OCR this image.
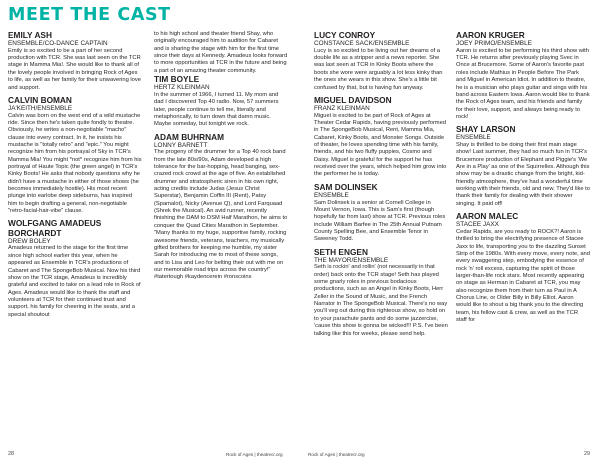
MEET THE CAST

EMILY ASH

ENSEMBLE/CO-DANCE CAPTAIN

Emily is so excited to be a part of her second production with TCR. She was last seen on the TCR stage in Mamma Mia!. She would like to thank all of the lovely people involved in bringing Rock of Ages to life, as well as her family for their unwavering love and support.

CALVIN BOMAN

JA'KEITH/ENSEMBLE

Calvin was born on the west end of a wild mustache ride. Since then he's taken quite fondly to theatre. Obviously, he writes a non-negotiable "macho" clause into every contract. In it, he insists his mustache is "totally retro" and "epic." You might recognize him from his portrayal of Sky in TCR's Mamma Mia! You might *not* recognize him from his portrayal of Haute Topic (the green angel) in TCR's Kinky Boots! He asks that nobody questions why he didn't have a mustache in either of those shows (he becomes immediately hostile). His most recent plunge into earlobe deep sideburns, has inspired him to begin drafting a general, non-negotiable "retro-facial-hair-vibe" clause.

WOLFGANG AMADEUS BORCHARDT

DREW BOLEY

Amadeus returned to the stage for the first time since high school earlier this year, when he appeared as Ensemble in TCR's productions of Cabaret and The SpongeBob Musical. Now his third show on the TCR stage, Amadeus is incredibly grateful and excited to take on a lead role in Rock of Ages. Amadeus would like to thank the staff and volunteers at TCR for their continued trust and support, his family for cheering in the seats, and a special shoutout

to his high school and theater friend Shay, who originally encouraged him to audition for Cabaret and is sharing the stage with him for the first time since their days at Kennedy. Amadeus looks forward to more opportunities at TCR in the future and being a part of an amazing theater community.

TIM BOYLE

HERTZ KLEINMAN

In the summer of 1966, I turned 11. My mom and dad I discovered Top 40 radio. Now, 57 summers later, people continue to tell me, literally and metaphorically, to turn down that damn music. Maybe someday, but tonight we rock.

ADAM BUHRNAM

LONNY BARNETT

The progeny of the drummer for a Top 40 rock band from the late 80s/90s, Adam developed a high tolerance for the bar-hopping, head banging, sex-crazed rock crowd at the age of five. An established drummer and stratospheric siren in his own right, acting credits include Judas (Jesus Christ Superstar), Benjamin Coffin III (Rent), Patsy (Spamalot), Nicky (Avenue Q), and Lord Farquaad (Shrek the Musical). An avid runner, recently finishing the DAM to DSM Half Marathon, he aims to conquer the Quad Cities Marathon in September. "Many thanks to my huge, supportive family, rocking awesome friends, veterans, teachers, my musically gifted brothers for keeping me humble, my sister Sarah for introducing me to most of these songs, and to Lisa and Leo for belting their out with me on our memorable road trips across the country!" #tatertough #kaydencerein #ronscoins

28	Rock of Ages | theatrecr.org

LUCY CONROY

CONSTANCE SACK/ENSEMBLE

Lucy is so excited to be living out her dreams of a double life as a stripper and a news reporter. She was last seen at TCR in Kinky Boots where the boots she wore were arguably a lot less kinky than the ones she wears in this show. She's a little bit confused by that, but is having fun anyway.

MIGUEL DAVIDSON

FRANZ KLEINMAN

Miguel is excited to be part of Rock of Ages at Theater Cedar Rapids, having previously performed in The SpongeBob Musical, Rent, Mamma Mia, Cabaret, Kinky Boots, and Monster Songs. Outside of theater, he loves spending time with his family, friends, and his two fluffy puppies, Cosmo and Daisy. Miguel is grateful for the support he has received over the years, which helped him grow into the performer he is today.

SAM DOLINSEK

ENSEMBLE

Sam Dolinsek is a senior at Cornell College in Mount Vernon, Iowa. This is Sam's first (though hopefully far from last) show at TCR. Previous roles include William Barfee in The 25th Annual Putnam County Spelling Bee, and Ensemble Tenor in Sweeney Todd.

SETH ENGEN

THE MAYOR/ENSEMBLE

Seth is rockin' and rollin' (not necessarily in that order) back onto the TCR stage! Seth has played some gnarly roles in previous bodacious productions, such as an Angel in Kinky Boots, Herr Zeller in the Sound of Music, and the French Narrator in The SpongeBob Musical. There's no way you'll veg out during this righteous show, so hold on to your parachute pants and do some jazzercise, 'cause this show is gonna be wicked!!! P.S. I've been talking like this for weeks, please send help.

AARON KRUGER

JOEY PRIMO/ENSEMBLE

Aaron is excited to be performing his third show with TCR. He returns after previously playing Svec in Once at Brucemore. Some of Aaron's favorite past roles include Mathius in People Before The Park and Miguel in American Idiot. In addition to theatre, he is a musician who plays guitar and sings with his band across Eastern Iowa. Aaron would like to thank the Rock of Ages team, and his friends and family for their love, support, and always being ready to rock!

SHAY LARSON

ENSEMBLE

Shay is thrilled to be doing their first main stage show! Last summer, they had so much fun in TCR's Brucemore production of Elephant and Piggie's 'We Are in a Play' as one of the Squirrelles. Although this show may be a drastic change from the bright, kid-friendly atmosphere, they've had a wonderful time working with their friends, old and new. They'd like to thank their family for dealing with their shower singing. It paid off!

AARON MALEC

STACEE JAXX

Cedar Rapids, are you ready to ROCK?! Aaron is thrilled to bring the electrifying presence of Stacee Jaxx to life, transporting you to the dazzling Sunset Strip of the 1980s. With every move, every note, and every swaggering step, embodying the essence of rock 'n' roll excess, capturing the spirit of those larger-than-life rock stars. Most recently appearing on stage as Herman in Cabaret at TCR, you may also recognize them from their turn as Paul in A Chorus Line, or Older Billy in Billy Elliot. Aaron would like to shout a big thank you to the directing team, his fellow cast & crew, as well as the TCR staff for

Rock of Ages | theatrecr.org	29
